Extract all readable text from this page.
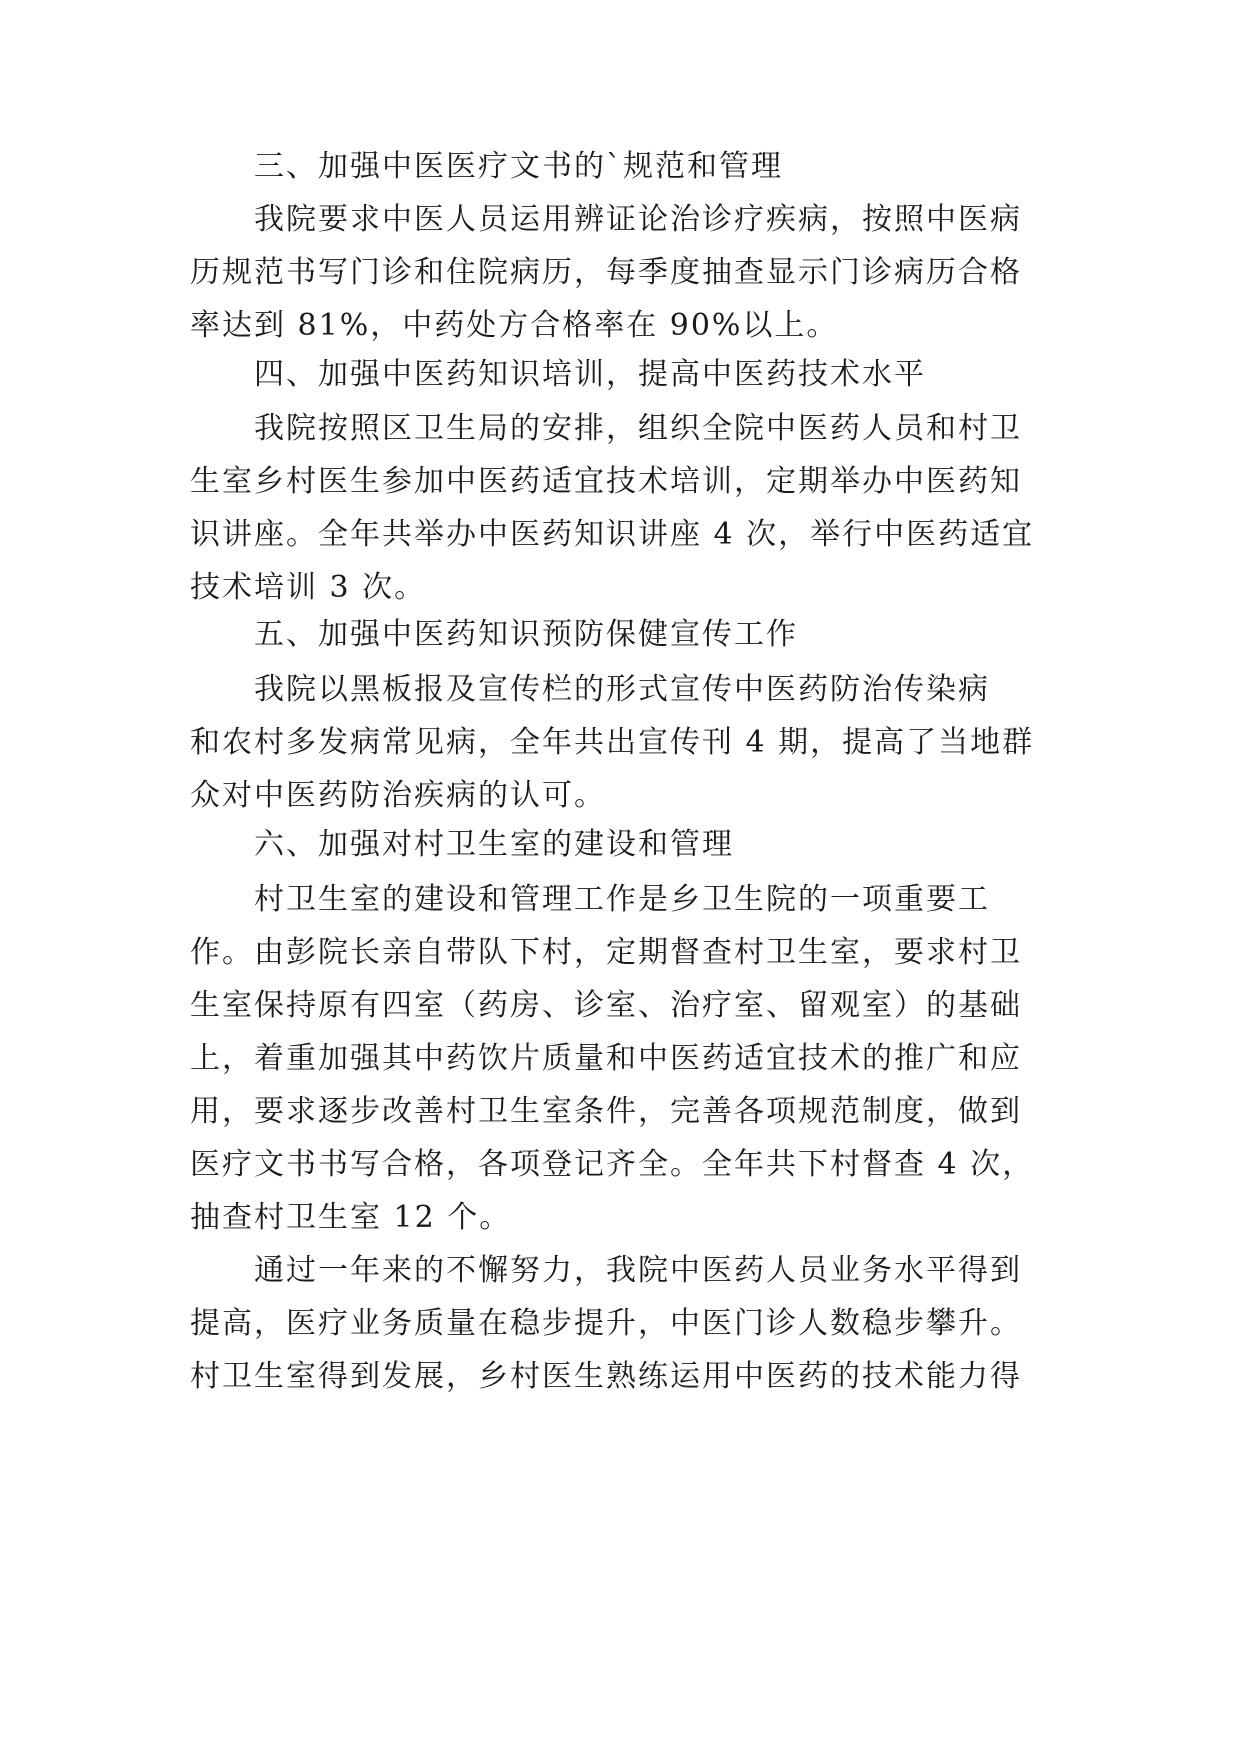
三、加强中医医疗文书的`规范和管理
我院要求中医人员运用辨证论治诊疗疾病，按照中医病
历规范书写门诊和住院病历，每季度抽查显示门诊病历合格
率达到 81%，中药处方合格率在 90%以上。
四、加强中医药知识培训，提高中医药技术水平
我院按照区卫生局的安排，组织全院中医药人员和村卫
生室乡村医生参加中医药适宜技术培训，定期举办中医药知
识讲座。全年共举办中医药知识讲座 4 次，举行中医药适宜
技术培训 3 次。
五、加强中医药知识预防保健宣传工作
我院以黑板报及宣传栏的形式宣传中医药防治传染病
和农村多发病常见病，全年共出宣传刊 4 期，提高了当地群
众对中医药防治疾病的认可。
六、加强对村卫生室的建设和管理
村卫生室的建设和管理工作是乡卫生院的一项重要工
作。由彭院长亲自带队下村，定期督查村卫生室，要求村卫
生室保持原有四室（药房、诊室、治疗室、留观室）的基础
上，着重加强其中药饮片质量和中医药适宜技术的推广和应
用，要求逐步改善村卫生室条件，完善各项规范制度，做到
医疗文书书写合格，各项登记齐全。全年共下村督查 4 次，
抽查村卫生室 12 个。
通过一年来的不懈努力，我院中医药人员业务水平得到
提高，医疗业务质量在稳步提升，中医门诊人数稳步攀升。
村卫生室得到发展，乡村医生熟练运用中医药的技术能力得
